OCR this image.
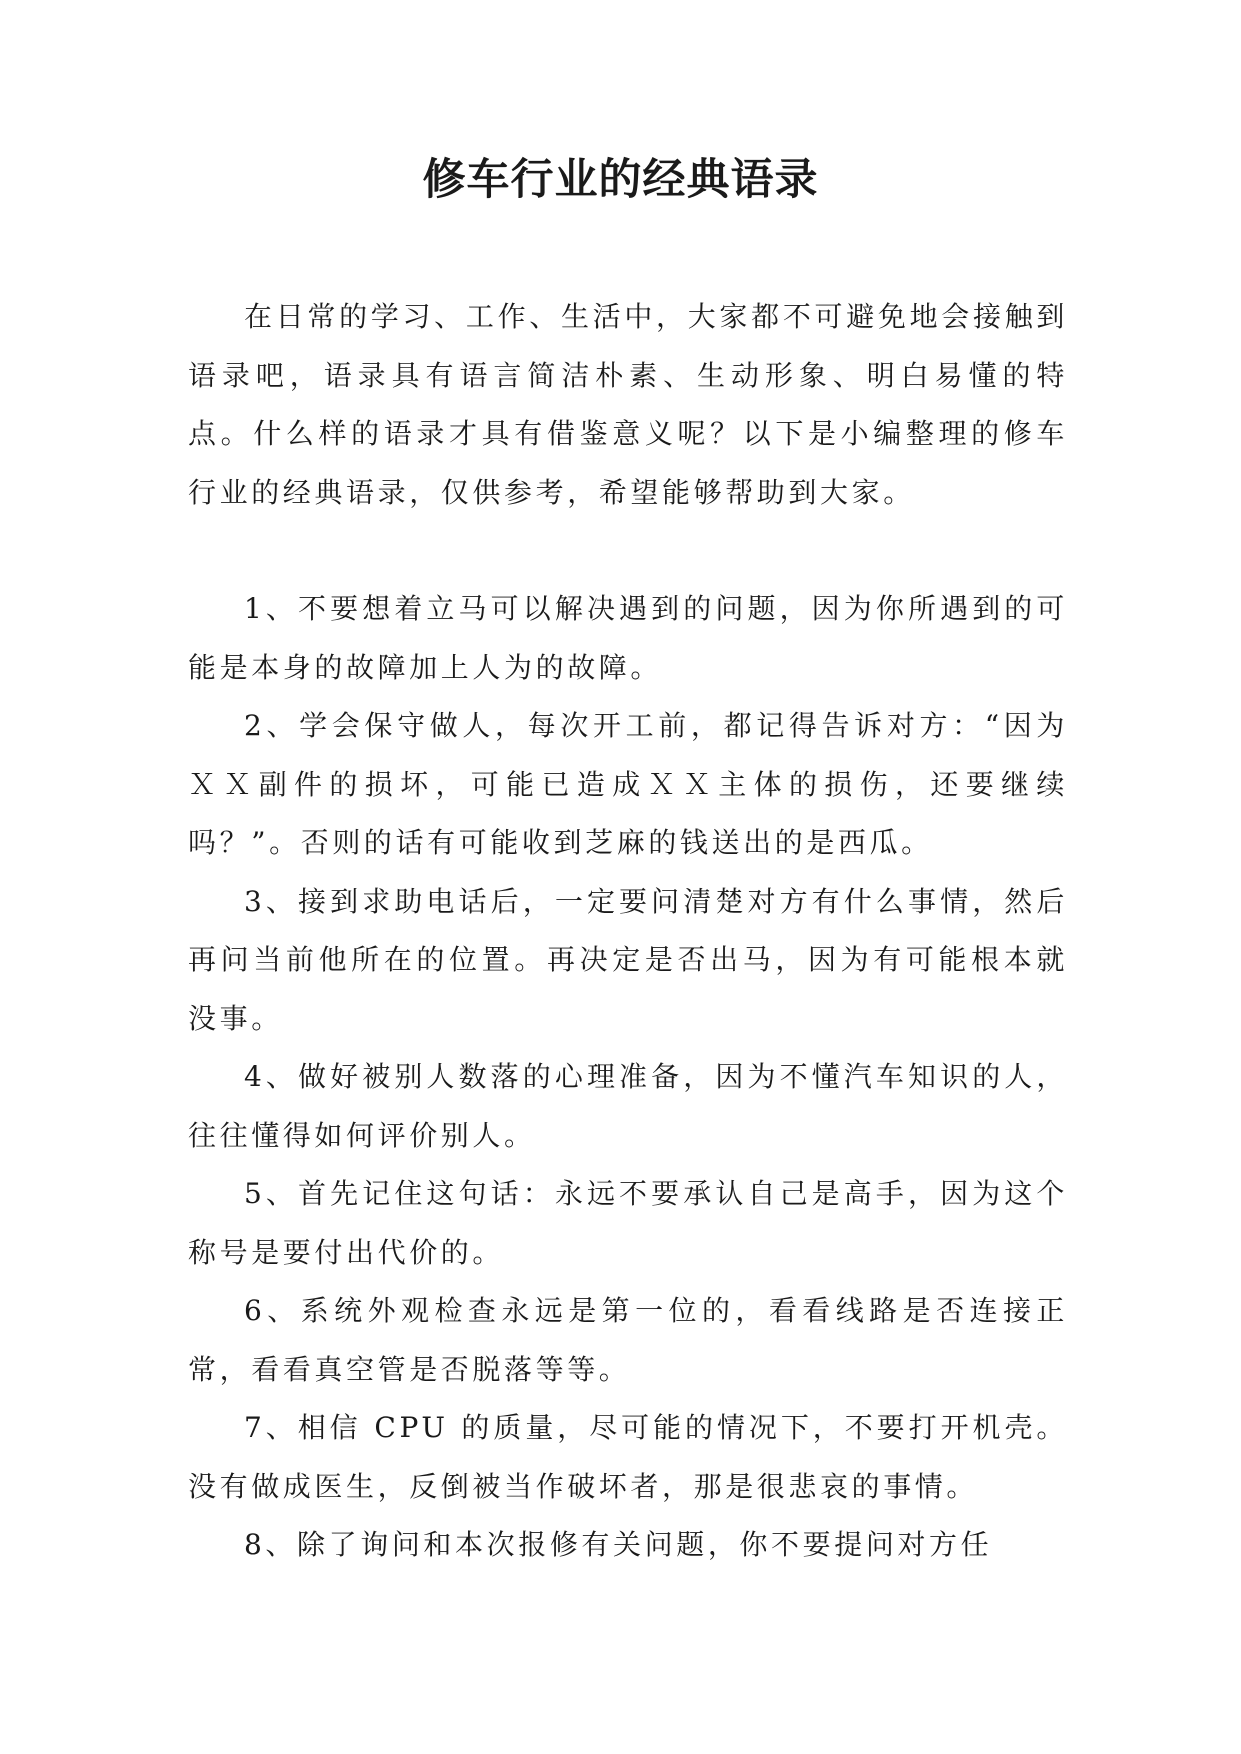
修车行业的经典语录

在日常的学习、工作、生活中，大家都不可避免地会接触到语录吧，语录具有语言简洁朴素、生动形象、明白易懂的特点。什么样的语录才具有借鉴意义呢？以下是小编整理的修车行业的经典语录，仅供参考，希望能够帮助到大家。

1、不要想着立马可以解决遇到的问题，因为你所遇到的可能是本身的故障加上人为的故障。

2、学会保守做人，每次开工前，都记得告诉对方：“因为ＸＸ副件的损坏，可能已造成ＸＸ主体的损伤，还要继续吗？”。否则的话有可能收到芝麻的钱送出的是西瓜。

3、接到求助电话后，一定要问清楚对方有什么事情，然后再问当前他所在的位置。再决定是否出马，因为有可能根本就没事。

4、做好被别人数落的心理准备，因为不懂汽车知识的人，往往懂得如何评价别人。

5、首先记住这句话：永远不要承认自己是高手，因为这个称号是要付出代价的。

6、系统外观检查永远是第一位的，看看线路是否连接正常，看看真空管是否脱落等等。

7、相信 CPU 的质量，尽可能的情况下，不要打开机壳。没有做成医生，反倒被当作破坏者，那是很悲哀的事情。

8、除了询问和本次报修有关问题，你不要提问对方任
